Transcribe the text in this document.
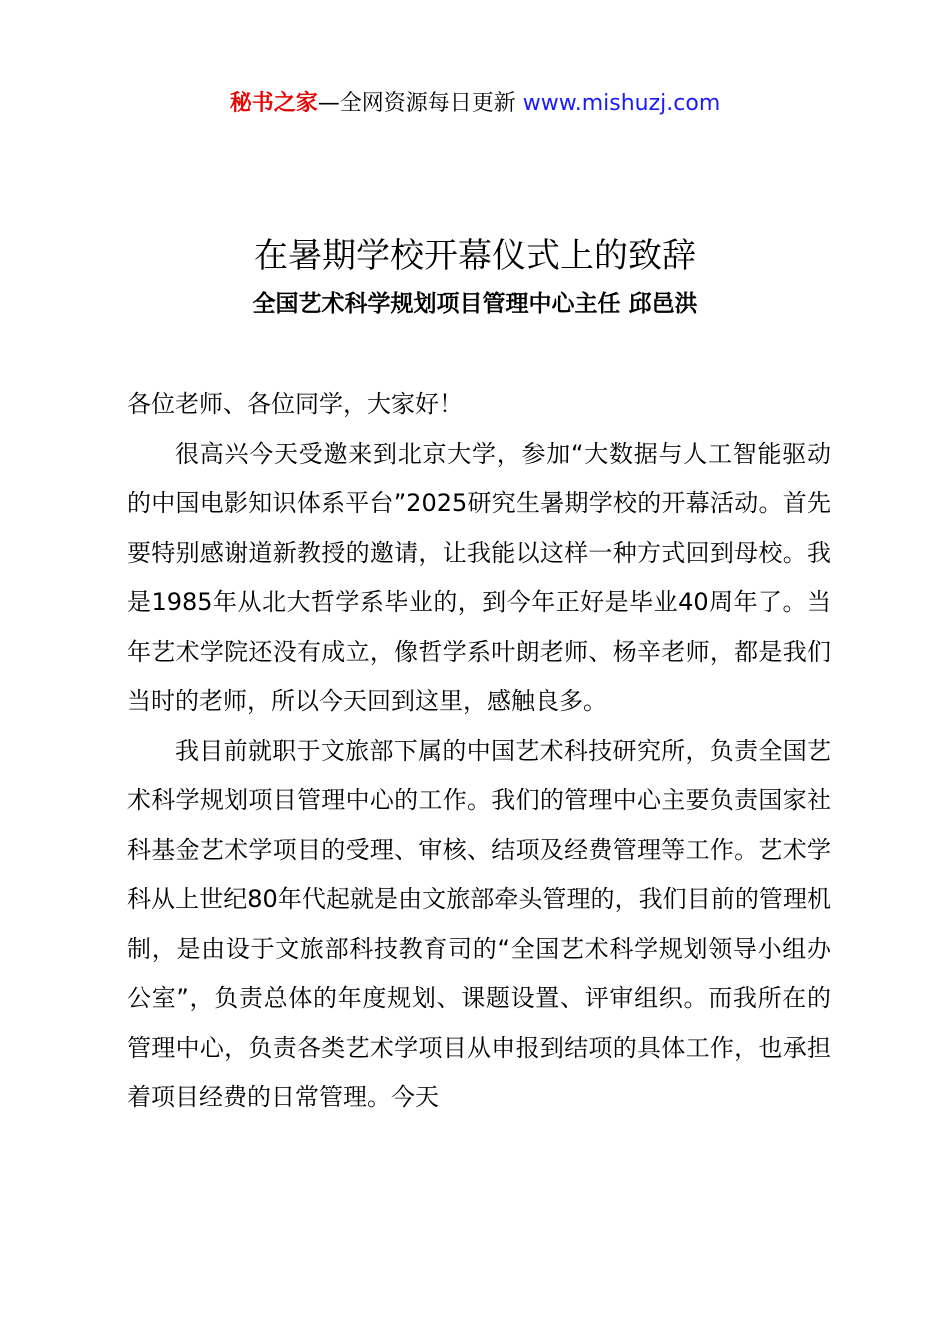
秘书之家—全网资源每日更新 www.mishuzj.com
在暑期学校开幕仪式上的致辞
全国艺术科学规划项目管理中心主任 邱邑洪

各位老师、各位同学，大家好！

很高兴今天受邀来到北京大学，参加“大数据与人工智能驱动的中国电影知识体系平台”2025研究生暑期学校的开幕活动。首先要特别感谢道新教授的邀请，让我能以这样一种方式回到母校。我是1985年从北大哲学系毕业的，到今年正好是毕业40周年了。当年艺术学院还没有成立，像哲学系叶朗老师、杨辛老师，都是我们当时的老师，所以今天回到这里，感触良多。

我目前就职于文旅部下属的中国艺术科技研究所，负责全国艺术科学规划项目管理中心的工作。我们的管理中心主要负责国家社科基金艺术学项目的受理、审核、结项及经费管理等工作。艺术学科从上世纪80年代起就是由文旅部牵头管理的，我们目前的管理机制，是由设于文旅部科技教育司的“全国艺术科学规划领导小组办公室”，负责总体的年度规划、课题设置、评审组织。而我所在的管理中心，负责各类艺术学项目从申报到结项的具体工作，也承担着项目经费的日常管理。今天
